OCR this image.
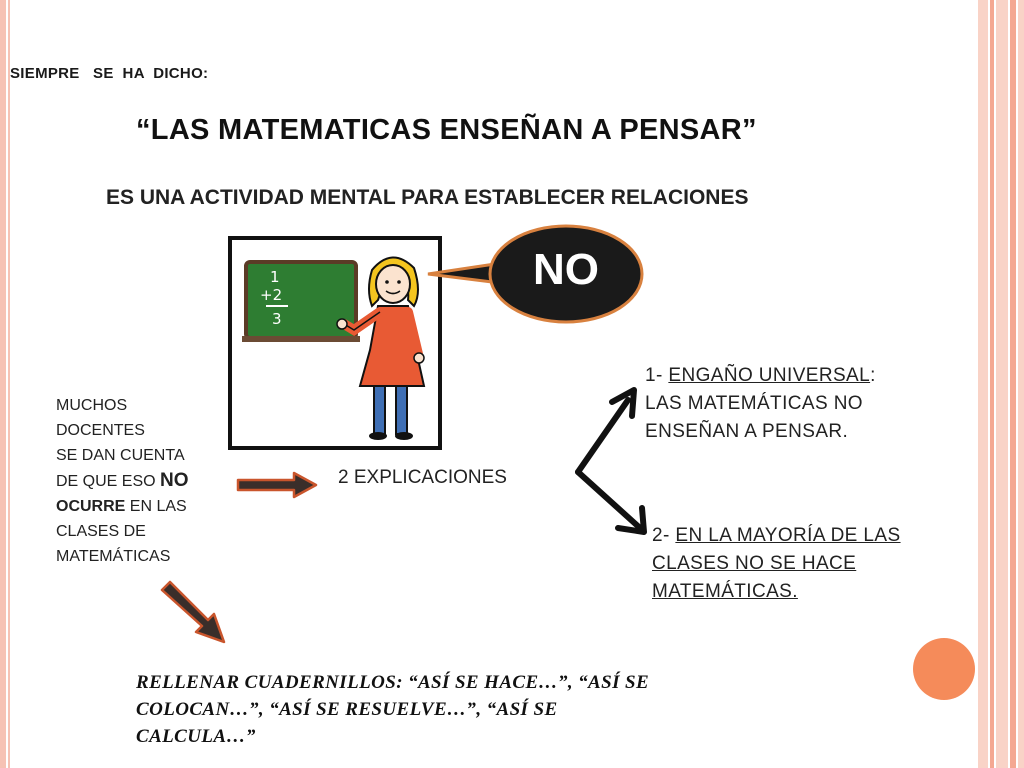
SIEMPRE   SE  HA  DICHO:
“LAS MATEMATICAS ENSEÑAN A PENSAR”
ES UNA ACTIVIDAD MENTAL PARA ESTABLECER RELACIONES
1
+2
3
NO
MUCHOS
DOCENTES
SE DAN CUENTA
DE QUE ESO NO
OCURRE EN LAS
CLASES DE
MATEMÁTICAS
2 EXPLICACIONES
1- ENGAÑO UNIVERSAL:
LAS MATEMÁTICAS NO
ENSEÑAN A PENSAR.
2- EN LA MAYORÍA DE LAS
CLASES NO SE HACE
MATEMÁTICAS.
RELLENAR CUADERNILLOS: “ASÍ SE HACE…”, “ASÍ SE
COLOCAN…”, “ASÍ SE RESUELVE…”, “ASÍ SE
CALCULA…”
